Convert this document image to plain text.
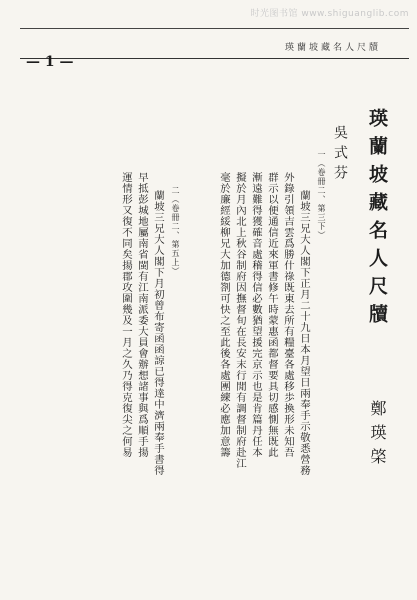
时光图书馆 www.shiguanglib.com
— 1 —
瑛蘭坡藏名人尺牘
瑛蘭坡藏名人尺牘
鄭瑛棨
吳式芬
一（卷冊二、第三下）
蘭坡三兄大人閣下正月二十九日本月望日兩奉手示敬悉營務
外錄引領吉雲爲勝什祿既東去所有糧臺各處移歩換形未知吾
群示以便通信近來軍書修午時蒙惠函都督要具切感惻無既此
漸遠難得獲確音處稽得信必數猶望援完京示也是肯篇丹任本
擬於月內北上秋谷制府因撫督旬在長安末行閒有調督制府赴江
毫於廉經綏柳兄大加德劄可快之至此後各處團練必應加意籌
二（卷冊二、第五上）
蘭坡三兄大人閣下月初曾布寄函函諒已得達中濟兩奉手書得
早抵彭城地屬南省閩有江南派委大員會辦想諸事與爲順手揚
運情形又復不同矣揚郡攻圍幾及一月之久乃得克復尖之何易
